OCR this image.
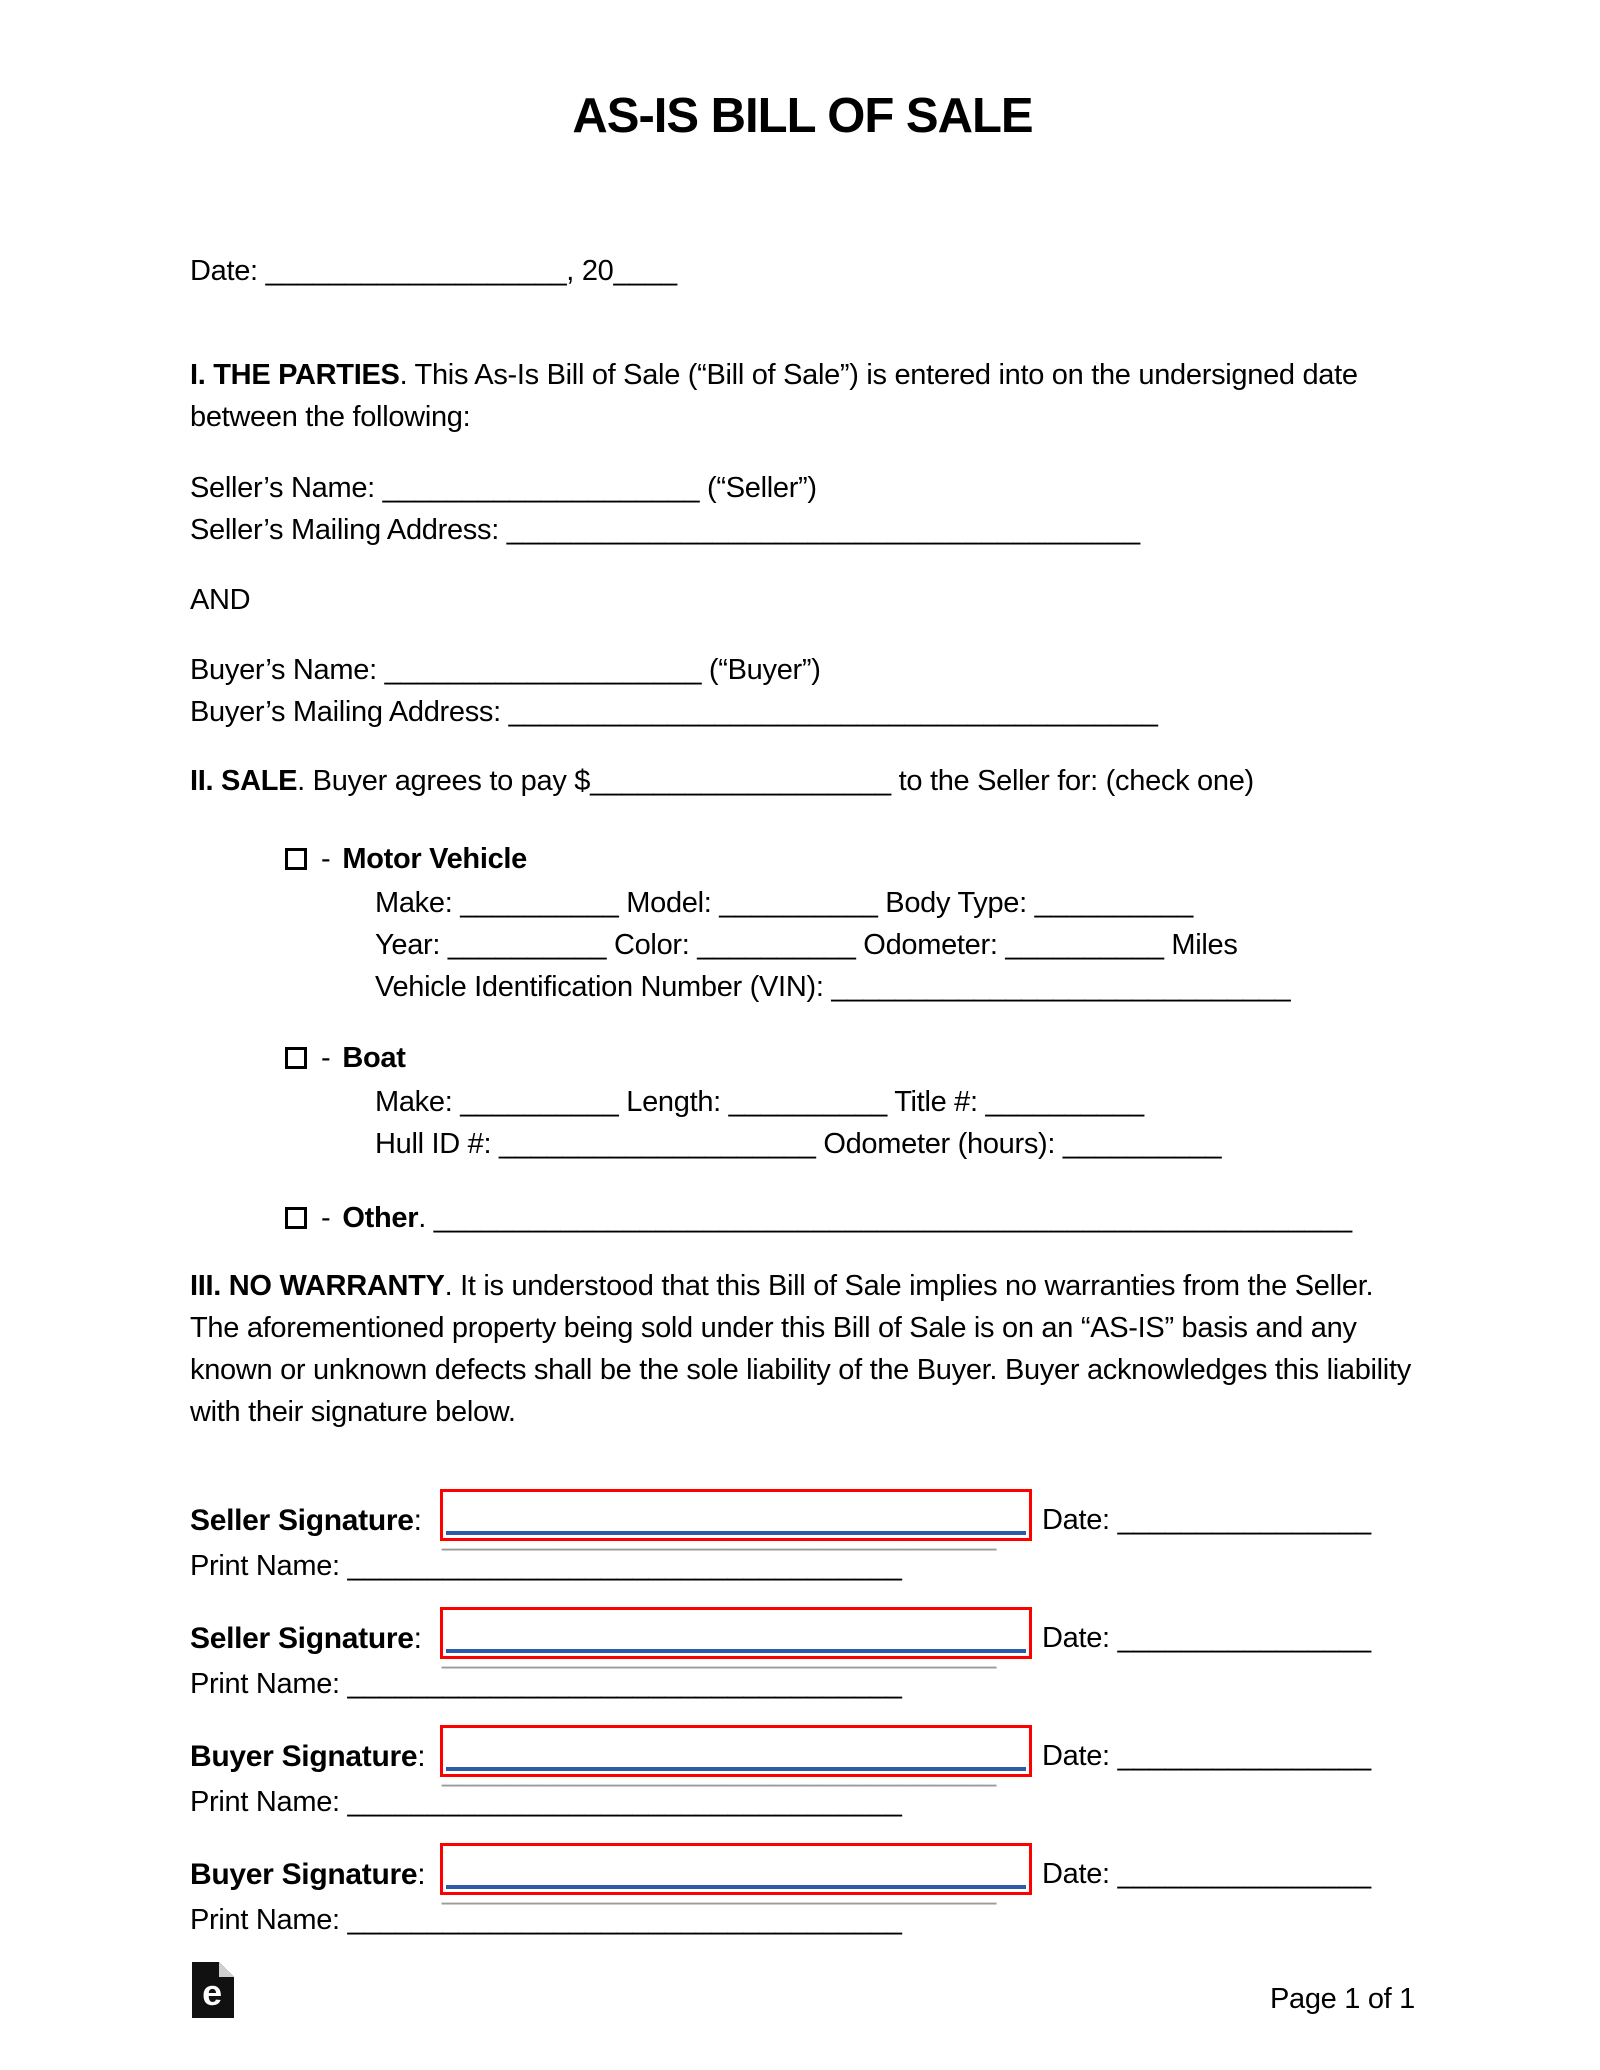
AS-IS BILL OF SALE

Date: ___________________, 20____

I. THE PARTIES. This As-Is Bill of Sale (“Bill of Sale”) is entered into on the undersigned date between the following:

Seller’s Name: ____________________ (“Seller”)

Seller’s Mailing Address: ________________________________________

AND

Buyer’s Name: ____________________ (“Buyer”)

Buyer’s Mailing Address: _________________________________________

II. SALE. Buyer agrees to pay $___________________ to the Seller for: (check one)

- Motor Vehicle

Make: __________ Model: __________ Body Type: __________

Year: __________ Color: __________ Odometer: __________ Miles

Vehicle Identification Number (VIN): _____________________________

- Boat

Make: __________ Length: __________ Title #: __________

Hull ID #: ____________________ Odometer (hours): __________

- Other. __________________________________________________________

III. NO WARRANTY. It is understood that this Bill of Sale implies no warranties from the Seller. The aforementioned property being sold under this Bill of Sale is on an “AS-IS” basis and any known or unknown defects shall be the sole liability of the Buyer. Buyer acknowledges this liability with their signature below.

Seller Signature:	Date: ________________

Print Name: ___________________________________

Seller Signature:	Date: ________________

Print Name: ___________________________________

Buyer Signature:	Date: ________________

Print Name: ___________________________________

Buyer Signature:	Date: ________________

Print Name: ___________________________________

e	Page 1 of 1
